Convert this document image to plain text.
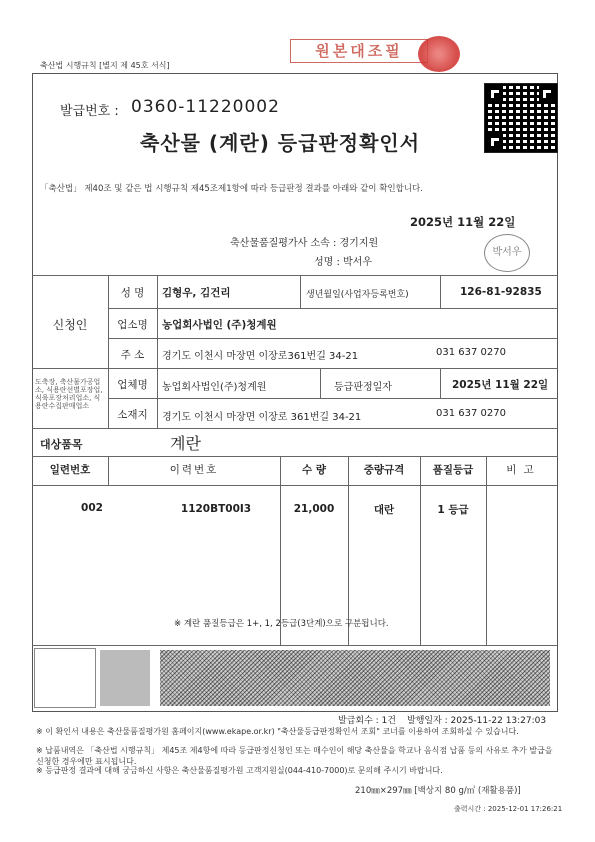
축산법 시행규칙 [별지 제 45호 서식]
원본대조필
발급번호 : 0360-11220002
축산물 (계란) 등급판정확인서
「축산법」 제40조 및 같은 법 시행규칙 제45조제1항에 따라 등급판정 결과를 아래와 같이 확인합니다.
2025년 11월 22일
축산물품질평가사 소속 : 경기지원
성명 : 박서우
박서우
신청인
성 명	김형우, 김건리	생년월일(사업자등록번호)	126-81-92835
업소명	농업회사법인 (주)청계원
주 소	경기도 이천시 마장면 이장로361번길 34-21	031 637 0270
도축장, 축산물가공업소, 식용란선별포장업, 식육포장처리업소, 식용란수집판매업소
업체명	농업회사법인(주)청계원	등급판정일자	2025년 11월 22일
소재지	경기도 이천시 마장면 이장로 361번길 34-21	031 637 0270
대상품목	계란
일련번호	이력번호	수 량	중량규격	품질등급	비 고
002	1120BT00I3	21,000	대란	1 등급
※ 계란 품질등급은 1+, 1, 2등급(3단계)으로 구분됩니다.
발급회수 : 1건 발행일자 : 2025-11-22 13:27:03
※ 이 확인서 내용은 축산물품질평가원 홈페이지(www.ekape.or.kr) "축산물등급판정확인서 조회" 코너를 이용하여 조회하실 수 있습니다.
※ 납품내역은 「축산법 시행규칙」 제45조 제4항에 따라 등급판정신청인 또는 매수인이 해당 축산물을 학교나 음식점 납품 등의 사유로 추가 발급을 신청한 경우에만 표시됩니다.
※ 등급판정 결과에 대해 궁금하신 사항은 축산물품질평가원 고객지원실(044-410-7000)로 문의해 주시기 바랍니다.
210㎜×297㎜ [백상지 80 g/㎡ (재활용품)]
출력시간 : 2025-12-01 17:26:21
